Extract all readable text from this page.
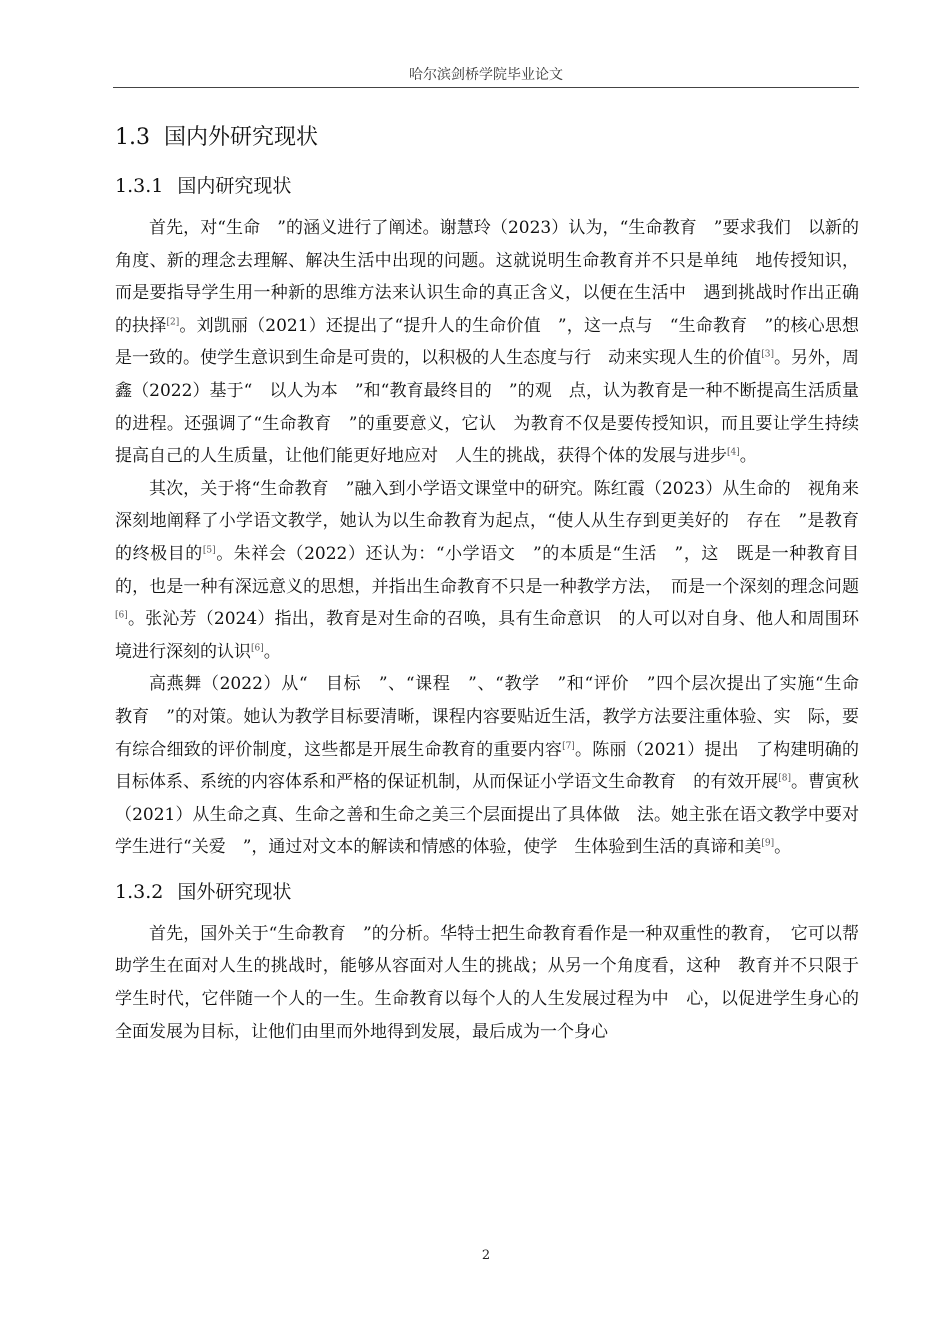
哈尔滨剑桥学院毕业论文
1.3 国内外研究现状
1.3.1 国内研究现状

首先，对“生命　”的涵义进行了阐述。谢慧玲（2023）认为，“生命教育　”要求我们　以新的角度、新的理念去理解、解决生活中出现的问题。这就说明生命教育并不只是单纯　地传授知识，而是要指导学生用一种新的思维方法来认识生命的真正含义，以便在生活中　遇到挑战时作出正确的抉择[2]。刘凯丽（2021）还提出了“提升人的生命价值　”，这一点与　“生命教育　”的核心思想是一致的。使学生意识到生命是可贵的，以积极的人生态度与行　动来实现人生的价值[3]。另外，周鑫（2022）基于“　以人为本　”和“教育最终目的　”的观　点，认为教育是一种不断提高生活质量的进程。还强调了“生命教育　”的重要意义，它认　为教育不仅是要传授知识，而且要让学生持续提高自己的人生质量，让他们能更好地应对　人生的挑战，获得个体的发展与进步[4]。

其次，关于将“生命教育　”融入到小学语文课堂中的研究。陈红霞（2023）从生命的　视角来深刻地阐释了小学语文教学，她认为以生命教育为起点，“使人从生存到更美好的　存在　”是教育的终极目的[5]。朱祥会（2022）还认为：“小学语文　”的本质是“生活　”，这　既是一种教育目的，也是一种有深远意义的思想，并指出生命教育不只是一种教学方法，　而是一个深刻的理念问题[6]。张沁芳（2024）指出，教育是对生命的召唤，具有生命意识　的人可以对自身、他人和周围环境进行深刻的认识[6]。

高燕舞（2022）从“　目标　”、“课程　”、“教学　”和“评价　”四个层次提出了实施“生命　教育　”的对策。她认为教学目标要清晰，课程内容要贴近生活，教学方法要注重体验、实　际，要有综合细致的评价制度，这些都是开展生命教育的重要内容[7]。陈丽（2021）提出　了构建明确的目标体系、系统的内容体系和严格的保证机制，从而保证小学语文生命教育　的有效开展[8]。曹寅秋（2021）从生命之真、生命之善和生命之美三个层面提出了具体做　法。她主张在语文教学中要对学生进行“关爱　”，通过对文本的解读和情感的体验，使学　生体验到生活的真谛和美[9]。

1.3.2 国外研究现状

首先，国外关于“生命教育　”的分析。华特士把生命教育看作是一种双重性的教育，　它可以帮助学生在面对人生的挑战时，能够从容面对人生的挑战；从另一个角度看，这种　教育并不只限于学生时代，它伴随一个人的一生。生命教育以每个人的人生发展过程为中　心，以促进学生身心的全面发展为目标，让他们由里而外地得到发展，最后成为一个身心

2
